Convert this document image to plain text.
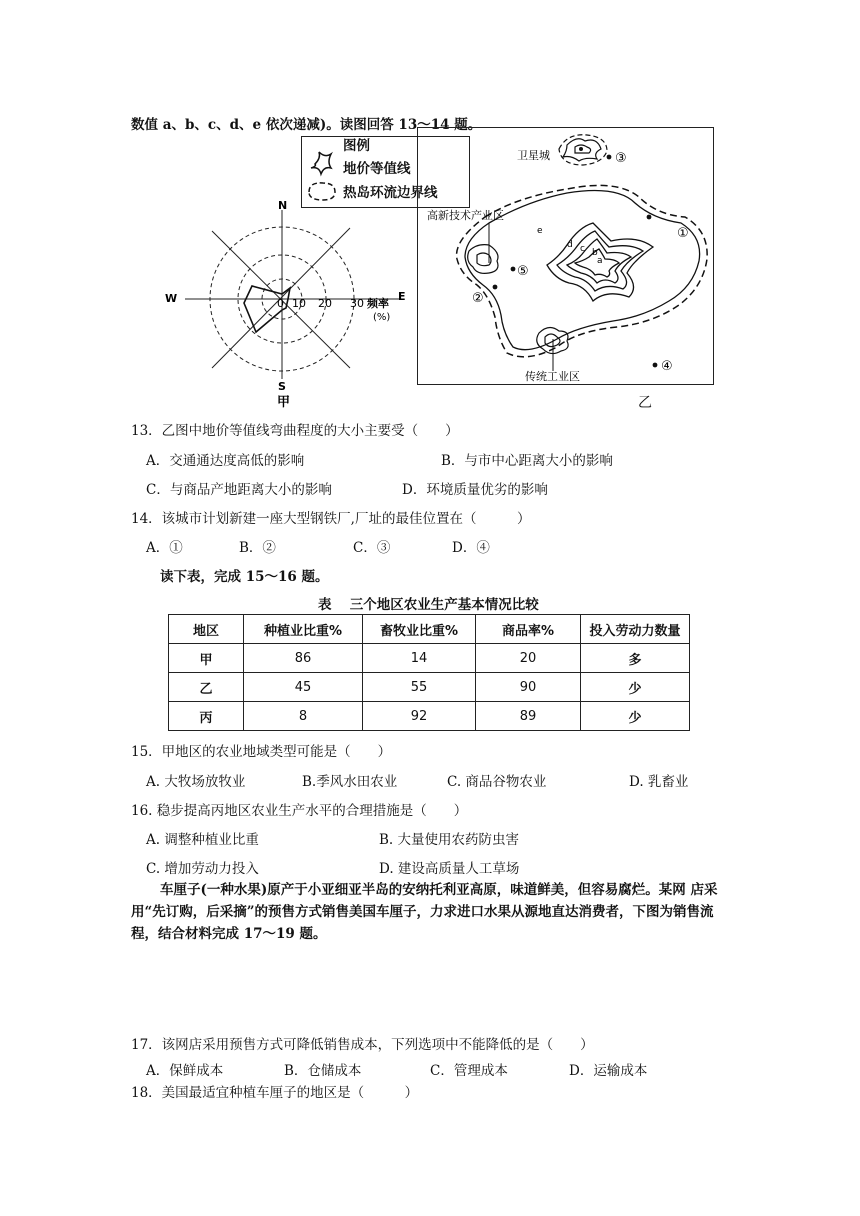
数值 a、b、c、d、e 依次递减)。读图回答 13～14 题。
图例
地价等值线
热岛环流边界线
N
S
W	E
0 10 20 30 频率
(%)
甲
①
②
③
④
⑤
a
b
c
d
e
卫星城
高新技术产业区
传统工业区
乙
13．乙图中地价等值线弯曲程度的大小主要受（　　）
A．交通通达度高低的影响	B．与市中心距离大小的影响
C．与商品产地距离大小的影响	D．环境质量优劣的影响
14．该城市计划新建一座大型钢铁厂,厂址的最佳位置在（　　　）
A．①	B．②	C．③	D．④
读下表，完成 15～16 题。
表　 三个地区农业生产基本情况比较
地区	种植业比重%	畜牧业比重%	商品率%	投入劳动力数量
甲	86	14	20	多
乙	45	55	90	少
丙	8	92	89	少
15．甲地区的农业地域类型可能是（　　）
A. 大牧场放牧业	B.季风水田农业	C. 商品谷物农业	D. 乳畜业
16. 稳步提高丙地区农业生产水平的合理措施是（　　）
A. 调整种植业比重	B. 大量使用农药防虫害
C. 增加劳动力投入	D. 建设高质量人工草场
车厘子(一种水果)原产于小亚细亚半岛的安纳托利亚高原，味道鲜美，但容易腐烂。某网 店采用“先订购，后采摘”的预售方式销售美国车厘子，力求进口水果从源地直达消费者，下图为销售流程，结合材料完成 17～19 题。
17．该网店采用预售方式可降低销售成本，下列选项中不能降低的是（　　）
A．保鲜成本	B．仓储成本	C．管理成本	D．运输成本
18．美国最适宜种植车厘子的地区是（　　　）
